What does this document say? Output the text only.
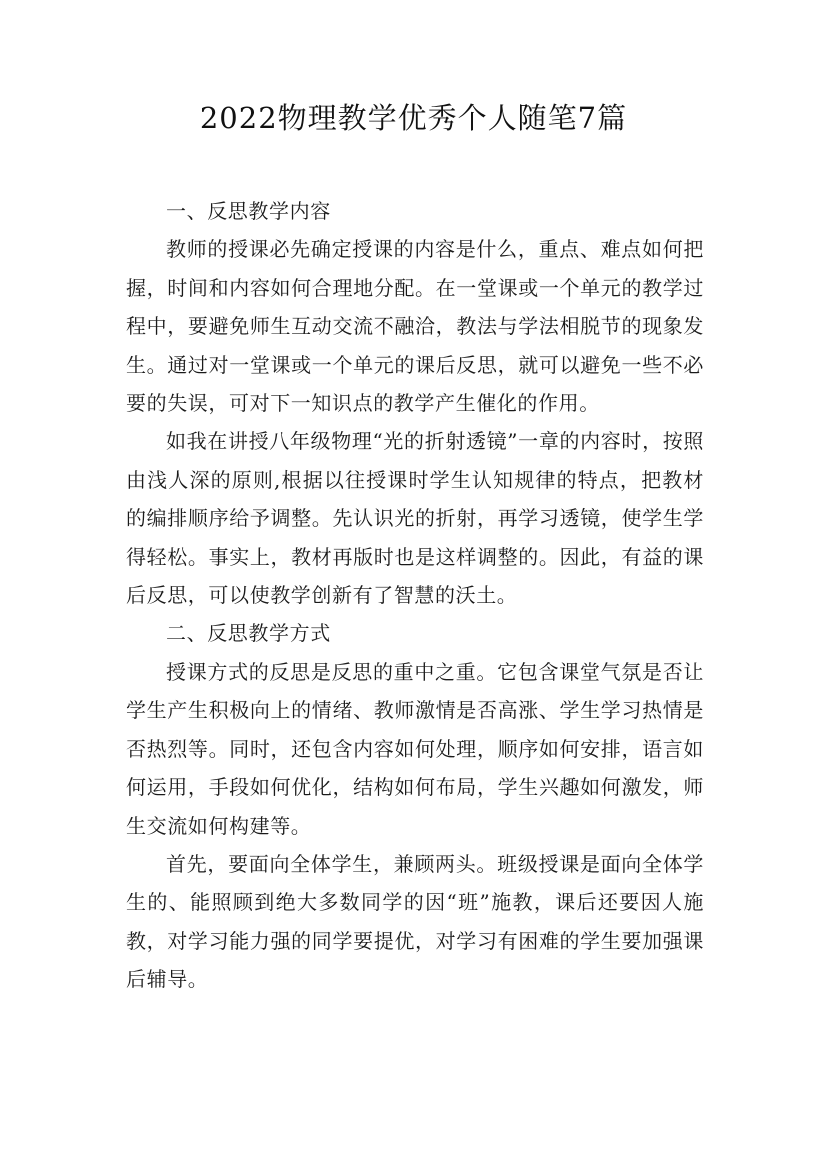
2022物理教学优秀个人随笔7篇

一、反思教学内容

教师的授课必先确定授课的内容是什么，重点、难点如何把握，时间和内容如何合理地分配。在一堂课或一个单元的教学过程中，要避免师生互动交流不融洽，教法与学法相脱节的现象发生。通过对一堂课或一个单元的课后反思，就可以避免一些不必要的失误，可对下一知识点的教学产生催化的作用。

如我在讲授八年级物理“光的折射透镜”一章的内容时，按照由浅人深的原则,根据以往授课时学生认知规律的特点，把教材的编排顺序给予调整。先认识光的折射，再学习透镜，使学生学得轻松。事实上，教材再版时也是这样调整的。因此，有益的课后反思，可以使教学创新有了智慧的沃土。

二、反思教学方式

授课方式的反思是反思的重中之重。它包含课堂气氛是否让学生产生积极向上的情绪、教师激情是否高涨、学生学习热情是否热烈等。同时，还包含内容如何处理，顺序如何安排，语言如何运用，手段如何优化，结构如何布局，学生兴趣如何激发，师生交流如何构建等。

首先，要面向全体学生，兼顾两头。班级授课是面向全体学生的、能照顾到绝大多数同学的因“班”施教，课后还要因人施教，对学习能力强的同学要提优，对学习有困难的学生要加强课后辅导。
